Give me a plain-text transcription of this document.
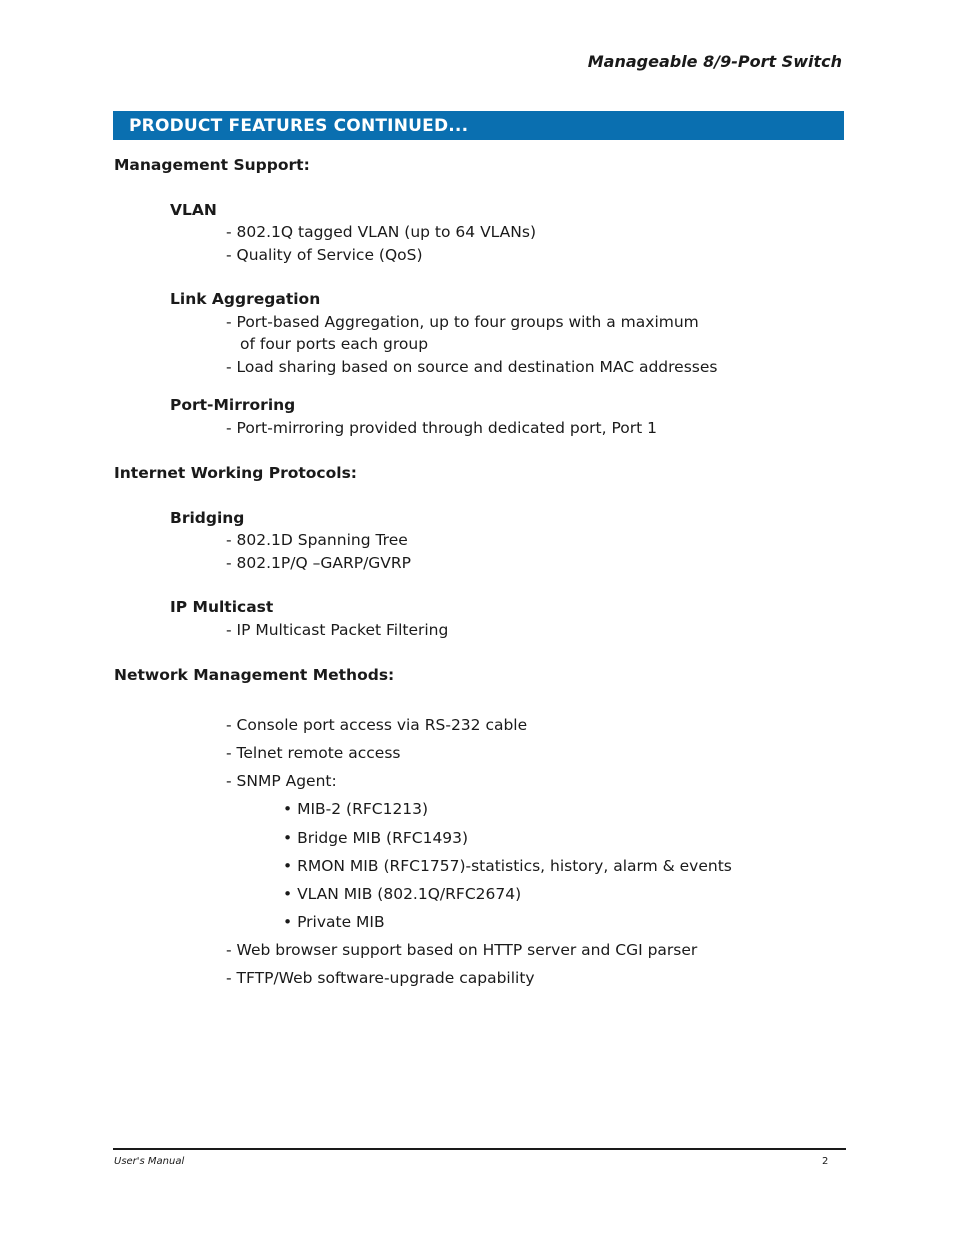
Manageable 8/9-Port Switch
PRODUCT FEATURES CONTINUED...
Management Support:
VLAN
- 802.1Q tagged VLAN (up to 64 VLANs)
- Quality of Service (QoS)
Link Aggregation
- Port-based Aggregation, up to four groups with a maximum
of four ports each group
- Load sharing based on source and destination MAC addresses
Port-Mirroring
- Port-mirroring provided through dedicated port, Port 1
Internet Working Protocols:
Bridging
- 802.1D Spanning Tree
- 802.1P/Q –GARP/GVRP
IP Multicast
- IP Multicast Packet Filtering
Network Management Methods:
- Console port access via RS-232 cable
- Telnet remote access
- SNMP Agent:
• MIB-2 (RFC1213)
• Bridge MIB (RFC1493)
• RMON MIB (RFC1757)-statistics, history, alarm & events
• VLAN MIB (802.1Q/RFC2674)
• Private MIB
- Web browser support based on HTTP server and CGI parser
- TFTP/Web software-upgrade capability
User's Manual	2
